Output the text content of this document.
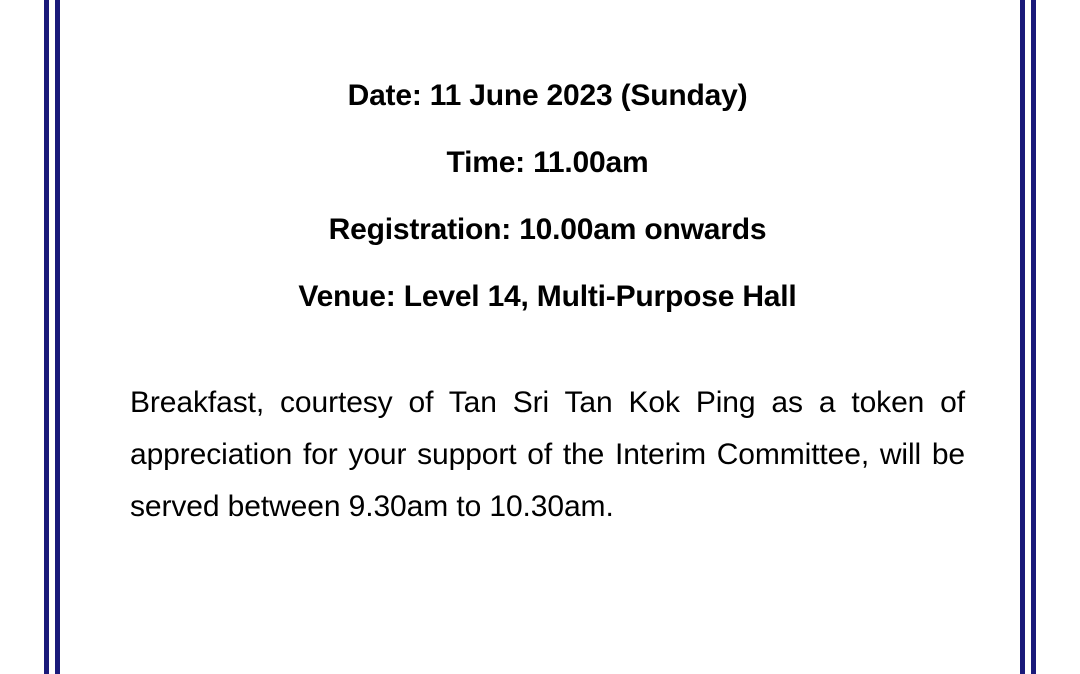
Date: 11 June 2023 (Sunday)
Time: 11.00am
Registration: 10.00am onwards
Venue: Level 14, Multi-Purpose Hall

Breakfast, courtesy of Tan Sri Tan Kok Ping as a token of appreciation for your support of the Interim Committee, will be served between 9.30am to 10.30am.
